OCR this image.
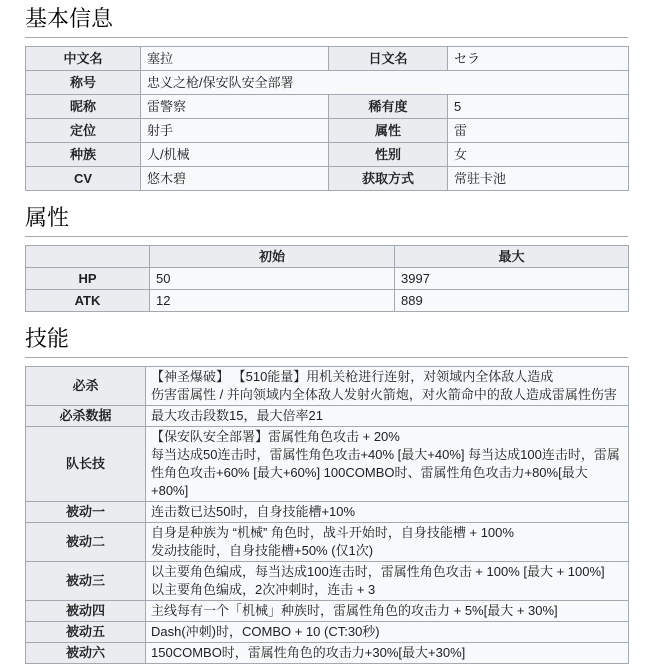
基本信息
中文名	塞拉	日文名	セラ
称号	忠义之枪/保安队安全部署		
昵称	雷警察	稀有度	5
定位	射手	属性	雷
种族	人/机械	性别	女
CV	悠木碧	获取方式	常驻卡池
属性
	初始	最大
HP	50	3997
ATK	12	889
技能
必杀	【神圣爆破】 【510能量】用机关枪进行连射，对领域内全体敌人造成
伤害雷属性 / 并向领域内全体敌人发射火箭炮，对火箭命中的敌人造成雷属性伤害

必杀数据	最大攻击段数15，最大倍率21

队长技	【保安队安全部署】雷属性角色攻击 + 20%
每当达成50连击时，雷属性角色攻击+40% [最大+40%] 每当达成100连击时，雷属性角色攻击+60% [最大+60%] 100COMBO时、雷属性角色攻击力+80%[最大 +80%]

被动一	连击数已达50时，自身技能槽+10%

被动二	自身是种族为 “机械” 角色时，战斗开始时，自身技能槽 + 100%
发动技能时，自身技能槽+50% (仅1次)

被动三	以主要角色编成，每当达成100连击时，雷属性角色攻击 + 100% [最大 + 100%]
以主要角色编成，2次冲刺时，连击 + 3

被动四	主线每有一个「机械」种族时，雷属性角色的攻击力 + 5%[最大 + 30%]

被动五	Dash(冲刺)时，COMBO + 10 (CT:30秒)

被动六	150COMBO时，雷属性角色的攻击力+30%[最大+30%]
